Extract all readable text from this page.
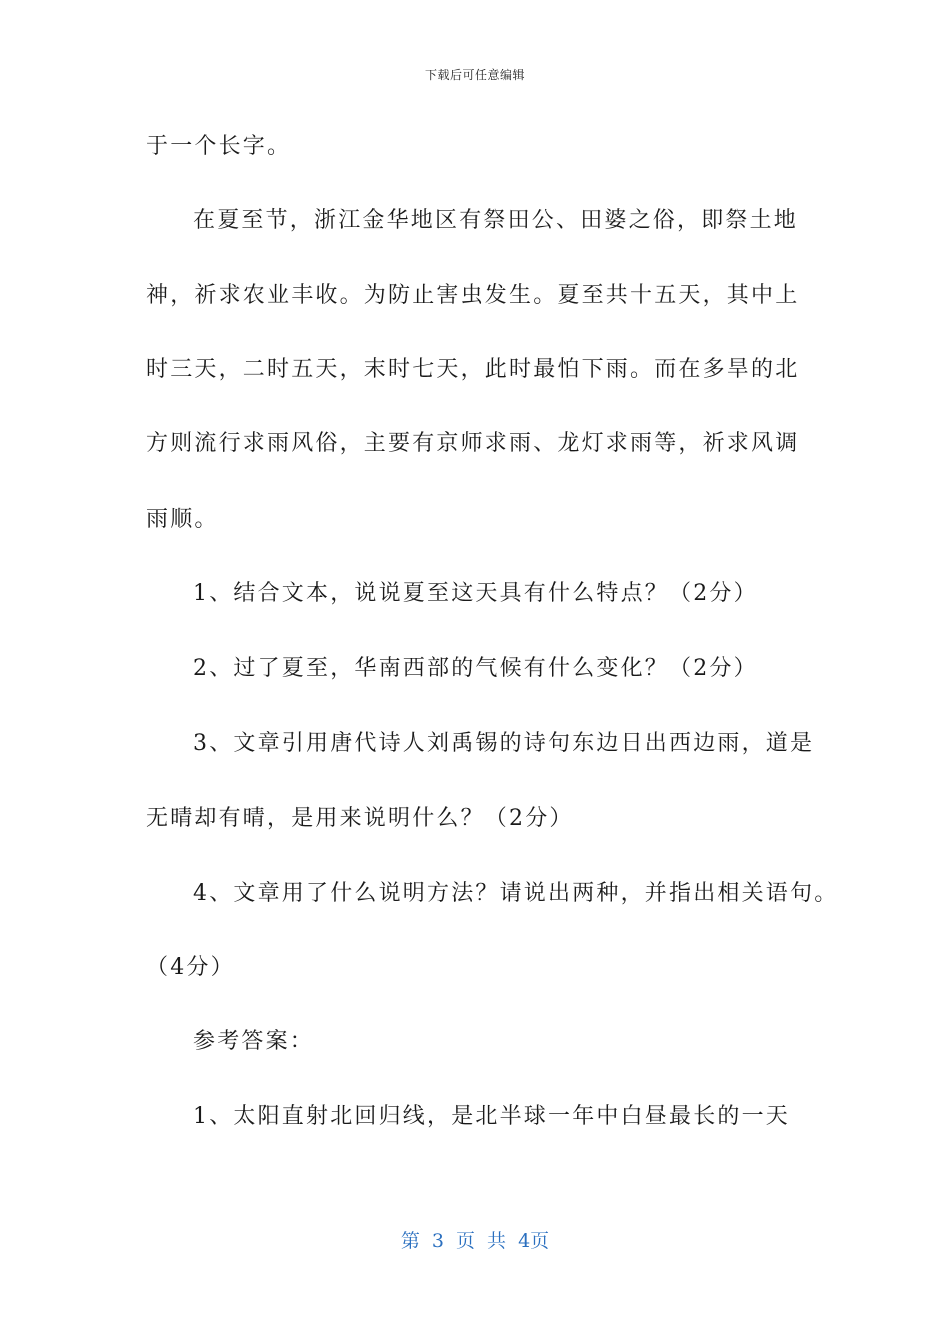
下载后可任意编辑
于一个长字。
在夏至节，浙江金华地区有祭田公、田婆之俗，即祭土地
神，祈求农业丰收。为防止害虫发生。夏至共十五天，其中上
时三天，二时五天，末时七天，此时最怕下雨。而在多旱的北
方则流行求雨风俗，主要有京师求雨、龙灯求雨等，祈求风调
雨顺。
1、结合文本，说说夏至这天具有什么特点？（2分）
2、过了夏至，华南西部的气候有什么变化？（2分）
3、文章引用唐代诗人刘禹锡的诗句东边日出西边雨，道是
无晴却有晴，是用来说明什么？（2分）
4、文章用了什么说明方法？请说出两种，并指出相关语句。
（4分）
参考答案：
1、太阳直射北回归线，是北半球一年中白昼最长的一天
第 3 页 共 4页
